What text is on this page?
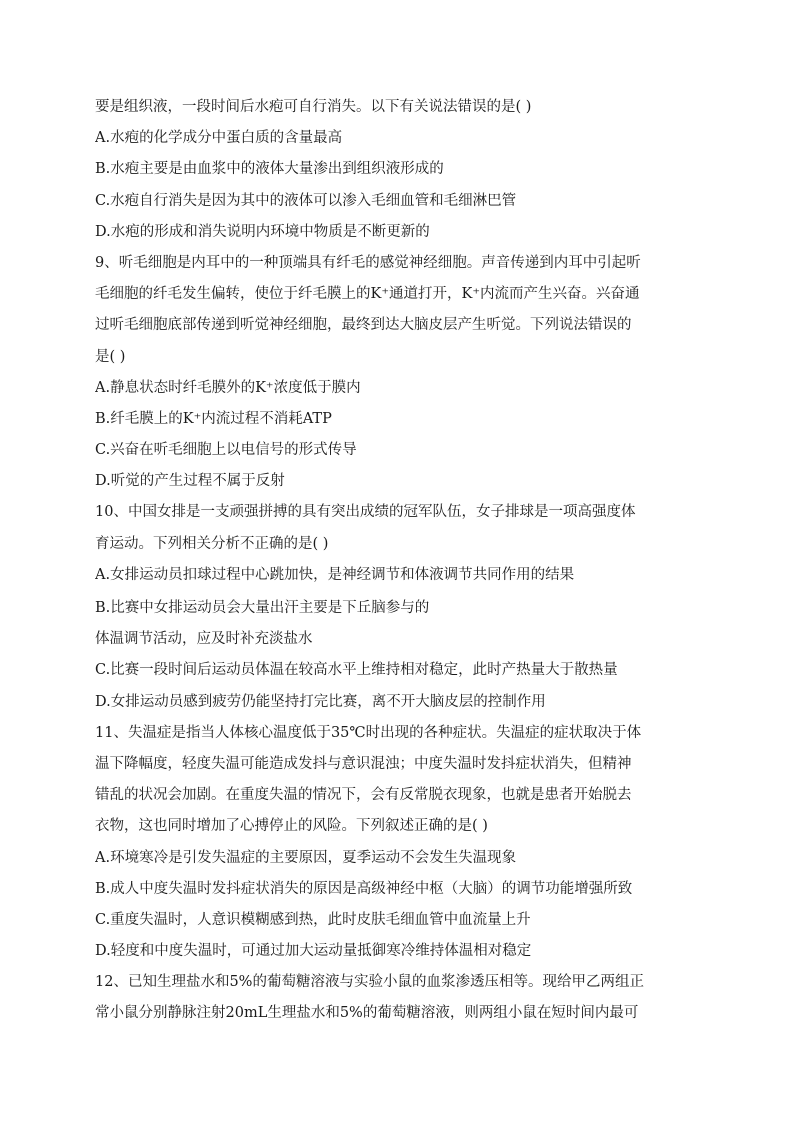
要是组织液，一段时间后水疱可自行消失。以下有关说法错误的是( )
A.水疱的化学成分中蛋白质的含量最高
B.水疱主要是由血浆中的液体大量渗出到组织液形成的
C.水疱自行消失是因为其中的液体可以渗入毛细血管和毛细淋巴管
D.水疱的形成和消失说明内环境中物质是不断更新的
9、听毛细胞是内耳中的一种顶端具有纤毛的感觉神经细胞。声音传递到内耳中引起听
毛细胞的纤毛发生偏转，使位于纤毛膜上的K⁺通道打开，K⁺内流而产生兴奋。兴奋通
过听毛细胞底部传递到听觉神经细胞，最终到达大脑皮层产生听觉。下列说法错误的
是( )
A.静息状态时纤毛膜外的K⁺浓度低于膜内
B.纤毛膜上的K⁺内流过程不消耗ATP
C.兴奋在听毛细胞上以电信号的形式传导
D.听觉的产生过程不属于反射
10、中国女排是一支顽强拼搏的具有突出成绩的冠军队伍，女子排球是一项高强度体
育运动。下列相关分析不正确的是( )
A.女排运动员扣球过程中心跳加快，是神经调节和体液调节共同作用的结果
B.比赛中女排运动员会大量出汗主要是下丘脑参与的
体温调节活动，应及时补充淡盐水
C.比赛一段时间后运动员体温在较高水平上维持相对稳定，此时产热量大于散热量
D.女排运动员感到疲劳仍能坚持打完比赛，离不开大脑皮层的控制作用
11、失温症是指当人体核心温度低于35℃时出现的各种症状。失温症的症状取决于体
温下降幅度，轻度失温可能造成发抖与意识混浊；中度失温时发抖症状消失，但精神
错乱的状况会加剧。在重度失温的情况下，会有反常脱衣现象，也就是患者开始脱去
衣物，这也同时增加了心搏停止的风险。下列叙述正确的是( )
A.环境寒冷是引发失温症的主要原因，夏季运动不会发生失温现象
B.成人中度失温时发抖症状消失的原因是高级神经中枢（大脑）的调节功能增强所致
C.重度失温时，人意识模糊感到热，此时皮肤毛细血管中血流量上升
D.轻度和中度失温时，可通过加大运动量抵御寒冷维持体温相对稳定
12、已知生理盐水和5%的葡萄糖溶液与实验小鼠的血浆渗透压相等。现给甲乙两组正
常小鼠分别静脉注射20mL生理盐水和5%的葡萄糖溶液，则两组小鼠在短时间内最可
